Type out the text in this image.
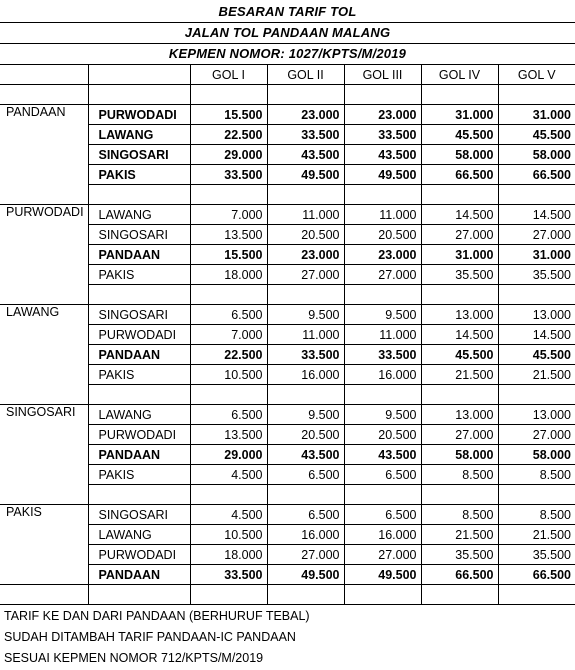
BESARAN TARIF TOL
JALAN TOL PANDAAN MALANG
KEPMEN NOMOR: 1027/KPTS/M/2019
		GOL I	GOL II	GOL III	GOL IV	GOL V

PANDAAN	PURWODADI	15.500	23.000	23.000	31.000	31.000
	LAWANG	22.500	33.500	33.500	45.500	45.500
	SINGOSARI	29.000	43.500	43.500	58.000	58.000
	PAKIS	33.500	49.500	49.500	66.500	66.500

PURWODADI	LAWANG	7.000	11.000	11.000	14.500	14.500
	SINGOSARI	13.500	20.500	20.500	27.000	27.000
	PANDAAN	15.500	23.000	23.000	31.000	31.000
	PAKIS	18.000	27.000	27.000	35.500	35.500

LAWANG	SINGOSARI	6.500	9.500	9.500	13.000	13.000
	PURWODADI	7.000	11.000	11.000	14.500	14.500
	PANDAAN	22.500	33.500	33.500	45.500	45.500
	PAKIS	10.500	16.000	16.000	21.500	21.500

SINGOSARI	LAWANG	6.500	9.500	9.500	13.000	13.000
	PURWODADI	13.500	20.500	20.500	27.000	27.000
	PANDAAN	29.000	43.500	43.500	58.000	58.000
	PAKIS	4.500	6.500	6.500	8.500	8.500

PAKIS	SINGOSARI	4.500	6.500	6.500	8.500	8.500
	LAWANG	10.500	16.000	16.000	21.500	21.500
	PURWODADI	18.000	27.000	27.000	35.500	35.500
	PANDAAN	33.500	49.500	49.500	66.500	66.500

TARIF KE DAN DARI PANDAAN (BERHURUF TEBAL)
SUDAH DITAMBAH TARIF PANDAAN-IC PANDAAN
SESUAI KEPMEN NOMOR 712/KPTS/M/2019
